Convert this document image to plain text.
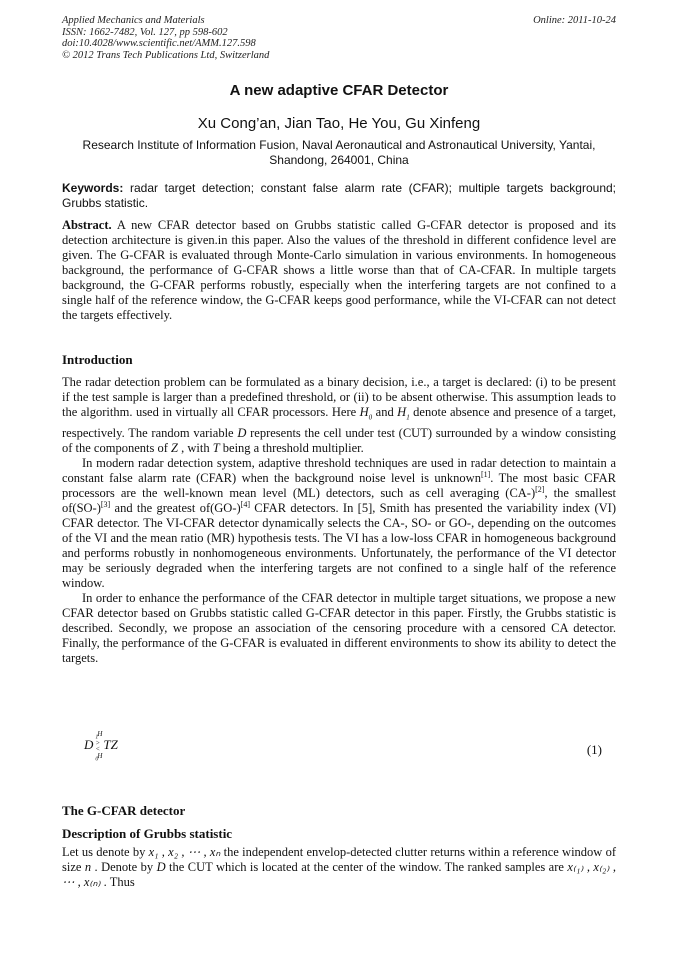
Applied Mechanics and Materials
ISSN: 1662-7482, Vol. 127, pp 598-602
doi:10.4028/www.scientific.net/AMM.127.598
© 2012 Trans Tech Publications Ltd, Switzerland
Online: 2011-10-24
A new adaptive CFAR Detector
Xu Cong’an, Jian Tao, He You, Gu Xinfeng
Research Institute of Information Fusion, Naval Aeronautical and Astronautical University, Yantai, Shandong, 264001, China
Keywords: radar target detection; constant false alarm rate (CFAR); multiple targets background; Grubbs statistic.
Abstract. A new CFAR detector based on Grubbs statistic called G-CFAR detector is proposed and its detection architecture is given.in this paper. Also the values of the threshold in different confidence level are given. The G-CFAR is evaluated through Monte-Carlo simulation in various environments. In homogeneous background, the performance of G-CFAR shows a little worse than that of CA-CFAR. In multiple targets background, the G-CFAR performs robustly, especially when the interfering targets are not confined to a single half of the reference window, the G-CFAR keeps good performance, while the VI-CFAR can not detect the targets effectively.
Introduction

The radar detection problem can be formulated as a binary decision, i.e., a target is declared: (i) to be present if the test sample is larger than a predefined threshold, or (ii) to be absent otherwise. This assumption leads to the algorithm. used in virtually all CFAR processors. Here $H_0$ and $H_1$ denote absence and presence of a target, respectively. The random variable D represents the cell under test (CUT) surrounded by a window consisting of the components of Z , with T being a threshold multiplier.

In modern radar detection system, adaptive threshold techniques are used in radar detection to maintain a constant false alarm rate (CFAR) when the background noise level is unknown[1]. The most basic CFAR processors are the well-known mean level (ML) detectors, such as cell averaging (CA-)[2], the smallest of(SO-)[3] and the greatest of(GO-)[4] CFAR detectors. In [5], Smith has presented the variability index (VI) CFAR detector. The VI-CFAR detector dynamically selects the CA-, SO- or GO-, depending on the outcomes of the VI and the mean ratio (MR) hypothesis tests. The VI has a low-loss CFAR in homogeneous background and performs robustly in nonhomogeneous environments. Unfortunately, the performance of the VI detector may be seriously degraded when the interfering targets are not confined to a single half of the reference window.

In order to enhance the performance of the CFAR detector in multiple target situations, we propose a new CFAR detector based on Grubbs statistic called G-CFAR detector in this paper. Firstly, the Grubbs statistic is described. Secondly, we propose an association of the censoring procedure with a censored CA detector. Finally, the performance of the G-CFAR is evaluated in different environments to show its ability to detect the targets.

D
H
$_1$
>
<
H
$_0$
TZ	(1)
The G-CFAR detector
Description of Grubbs statistic
Let us denote by x₁ , x₂ , ⋯ , xₙ the independent envelop-detected clutter returns within a reference window of size n . Denote by D the CUT which is located at the center of the window. The ranked samples are x₍₁₎ , x₍₂₎ , ⋯ , x₍ₙ₎ . Thus
